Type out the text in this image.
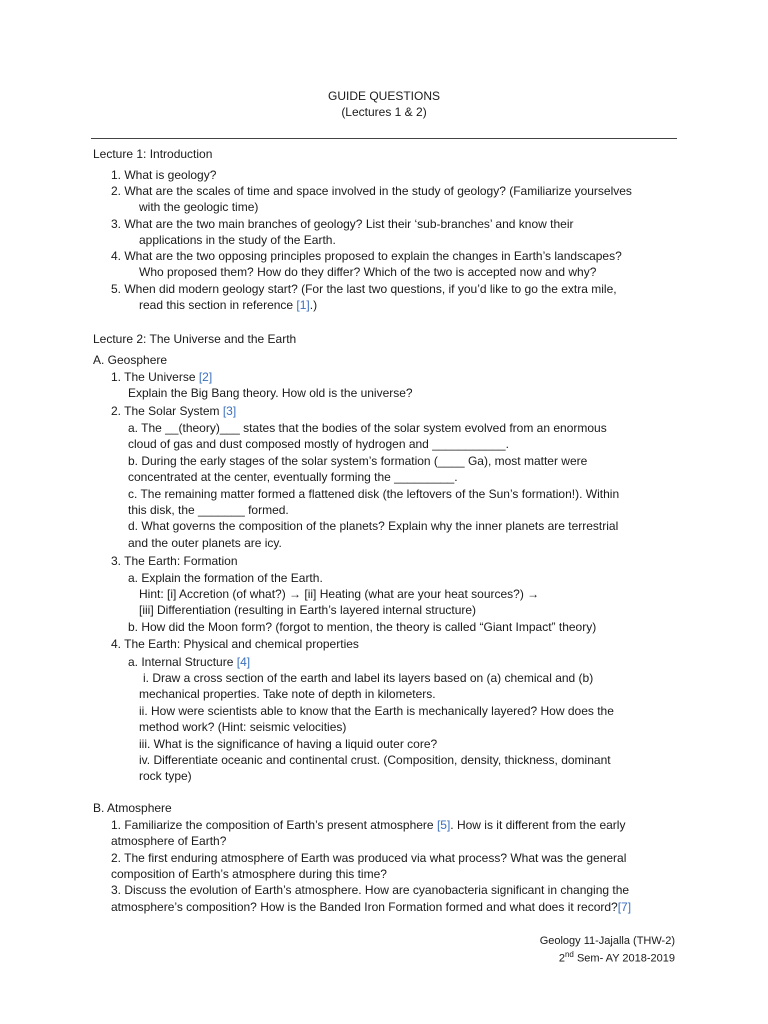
GUIDE QUESTIONS
(Lectures 1 & 2)
Lecture 1: Introduction
1. What is geology?
2. What are the scales of time and space involved in the study of geology? (Familiarize yourselves
with the geologic time)
3. What are the two main branches of geology? List their ‘sub-branches’ and know their
applications in the study of the Earth.
4. What are the two opposing principles proposed to explain the changes in Earth’s landscapes?
Who proposed them? How do they differ? Which of the two is accepted now and why?
5. When did modern geology start? (For the last two questions, if you’d like to go the extra mile,
read this section in reference [1].)
Lecture 2: The Universe and the Earth
A. Geosphere
1. The Universe [2]
Explain the Big Bang theory. How old is the universe?
2. The Solar System [3]
a. The __(theory)___ states that the bodies of the solar system evolved from an enormous
cloud of gas and dust composed mostly of hydrogen and ___________.
b. During the early stages of the solar system’s formation (____ Ga), most matter were
concentrated at the center, eventually forming the _________.
c. The remaining matter formed a flattened disk (the leftovers of the Sun’s formation!). Within
this disk, the _______ formed.
d. What governs the composition of the planets? Explain why the inner planets are terrestrial
and the outer planets are icy.
3. The Earth: Formation
a. Explain the formation of the Earth.
Hint: [i] Accretion (of what?) → [ii] Heating (what are your heat sources?) →
[iii] Differentiation (resulting in Earth’s layered internal structure)
b. How did the Moon form? (forgot to mention, the theory is called “Giant Impact” theory)
4. The Earth: Physical and chemical properties
a. Internal Structure [4]
i. Draw a cross section of the earth and label its layers based on (a) chemical and (b)
mechanical properties. Take note of depth in kilometers.
ii. How were scientists able to know that the Earth is mechanically layered? How does the
method work? (Hint: seismic velocities)
iii. What is the significance of having a liquid outer core?
iv. Differentiate oceanic and continental crust. (Composition, density, thickness, dominant
rock type)
B. Atmosphere
1. Familiarize the composition of Earth’s present atmosphere [5]. How is it different from the early
atmosphere of Earth?
2. The first enduring atmosphere of Earth was produced via what process? What was the general
composition of Earth’s atmosphere during this time?
3. Discuss the evolution of Earth’s atmosphere. How are cyanobacteria significant in changing the
atmosphere’s composition? How is the Banded Iron Formation formed and what does it record?[7]
Geology 11-Jajalla (THW-2)
2nd Sem- AY 2018-2019
